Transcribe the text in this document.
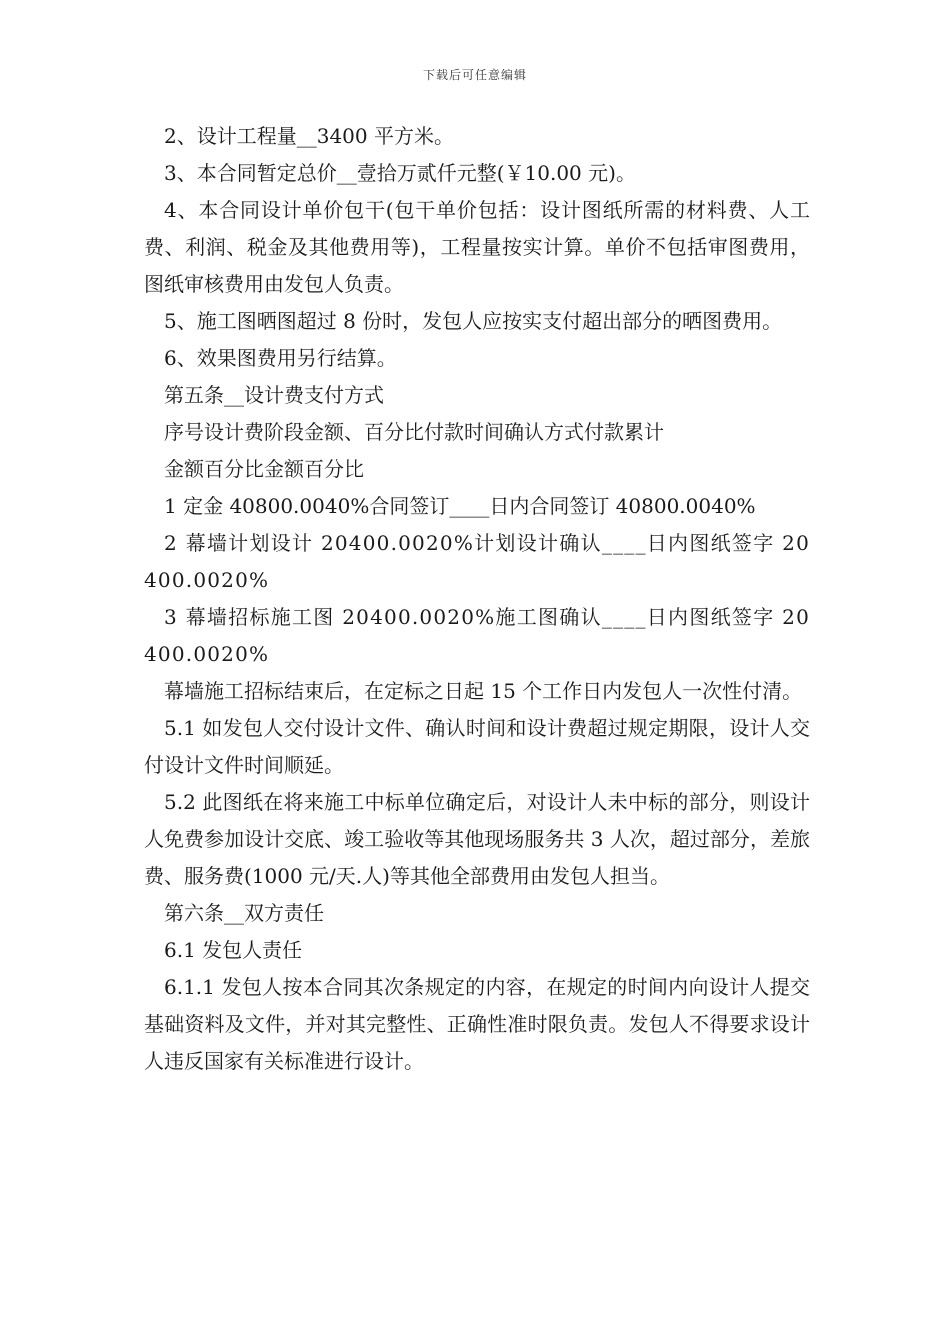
下载后可任意编辑

2、设计工程量__3400 平方米。

3、本合同暂定总价__壹拾万贰仟元整(￥10.00 元)。

4、本合同设计单价包干(包干单价包括：设计图纸所需的材料费、人工费、利润、税金及其他费用等)，工程量按实计算。单价不包括审图费用，图纸审核费用由发包人负责。

5、施工图晒图超过 8 份时，发包人应按实支付超出部分的晒图费用。

6、效果图费用另行结算。

第五条__设计费支付方式

序号设计费阶段金额、百分比付款时间确认方式付款累计

金额百分比金额百分比

1 定金 40800.0040%合同签订____日内合同签订 40800.0040%

2 幕墙计划设计 20400.0020%计划设计确认____日内图纸签字 20400.0020%

3 幕墙招标施工图 20400.0020%施工图确认____日内图纸签字 20400.0020%

幕墙施工招标结束后，在定标之日起 15 个工作日内发包人一次性付清。

5.1 如发包人交付设计文件、确认时间和设计费超过规定期限，设计人交付设计文件时间顺延。

5.2 此图纸在将来施工中标单位确定后，对设计人未中标的部分，则设计人免费参加设计交底、竣工验收等其他现场服务共 3 人次，超过部分，差旅费、服务费(1000 元/天.人)等其他全部费用由发包人担当。

第六条__双方责任

6.1 发包人责任

6.1.1 发包人按本合同其次条规定的内容，在规定的时间内向设计人提交基础资料及文件，并对其完整性、正确性准时限负责。发包人不得要求设计人违反国家有关标准进行设计。
